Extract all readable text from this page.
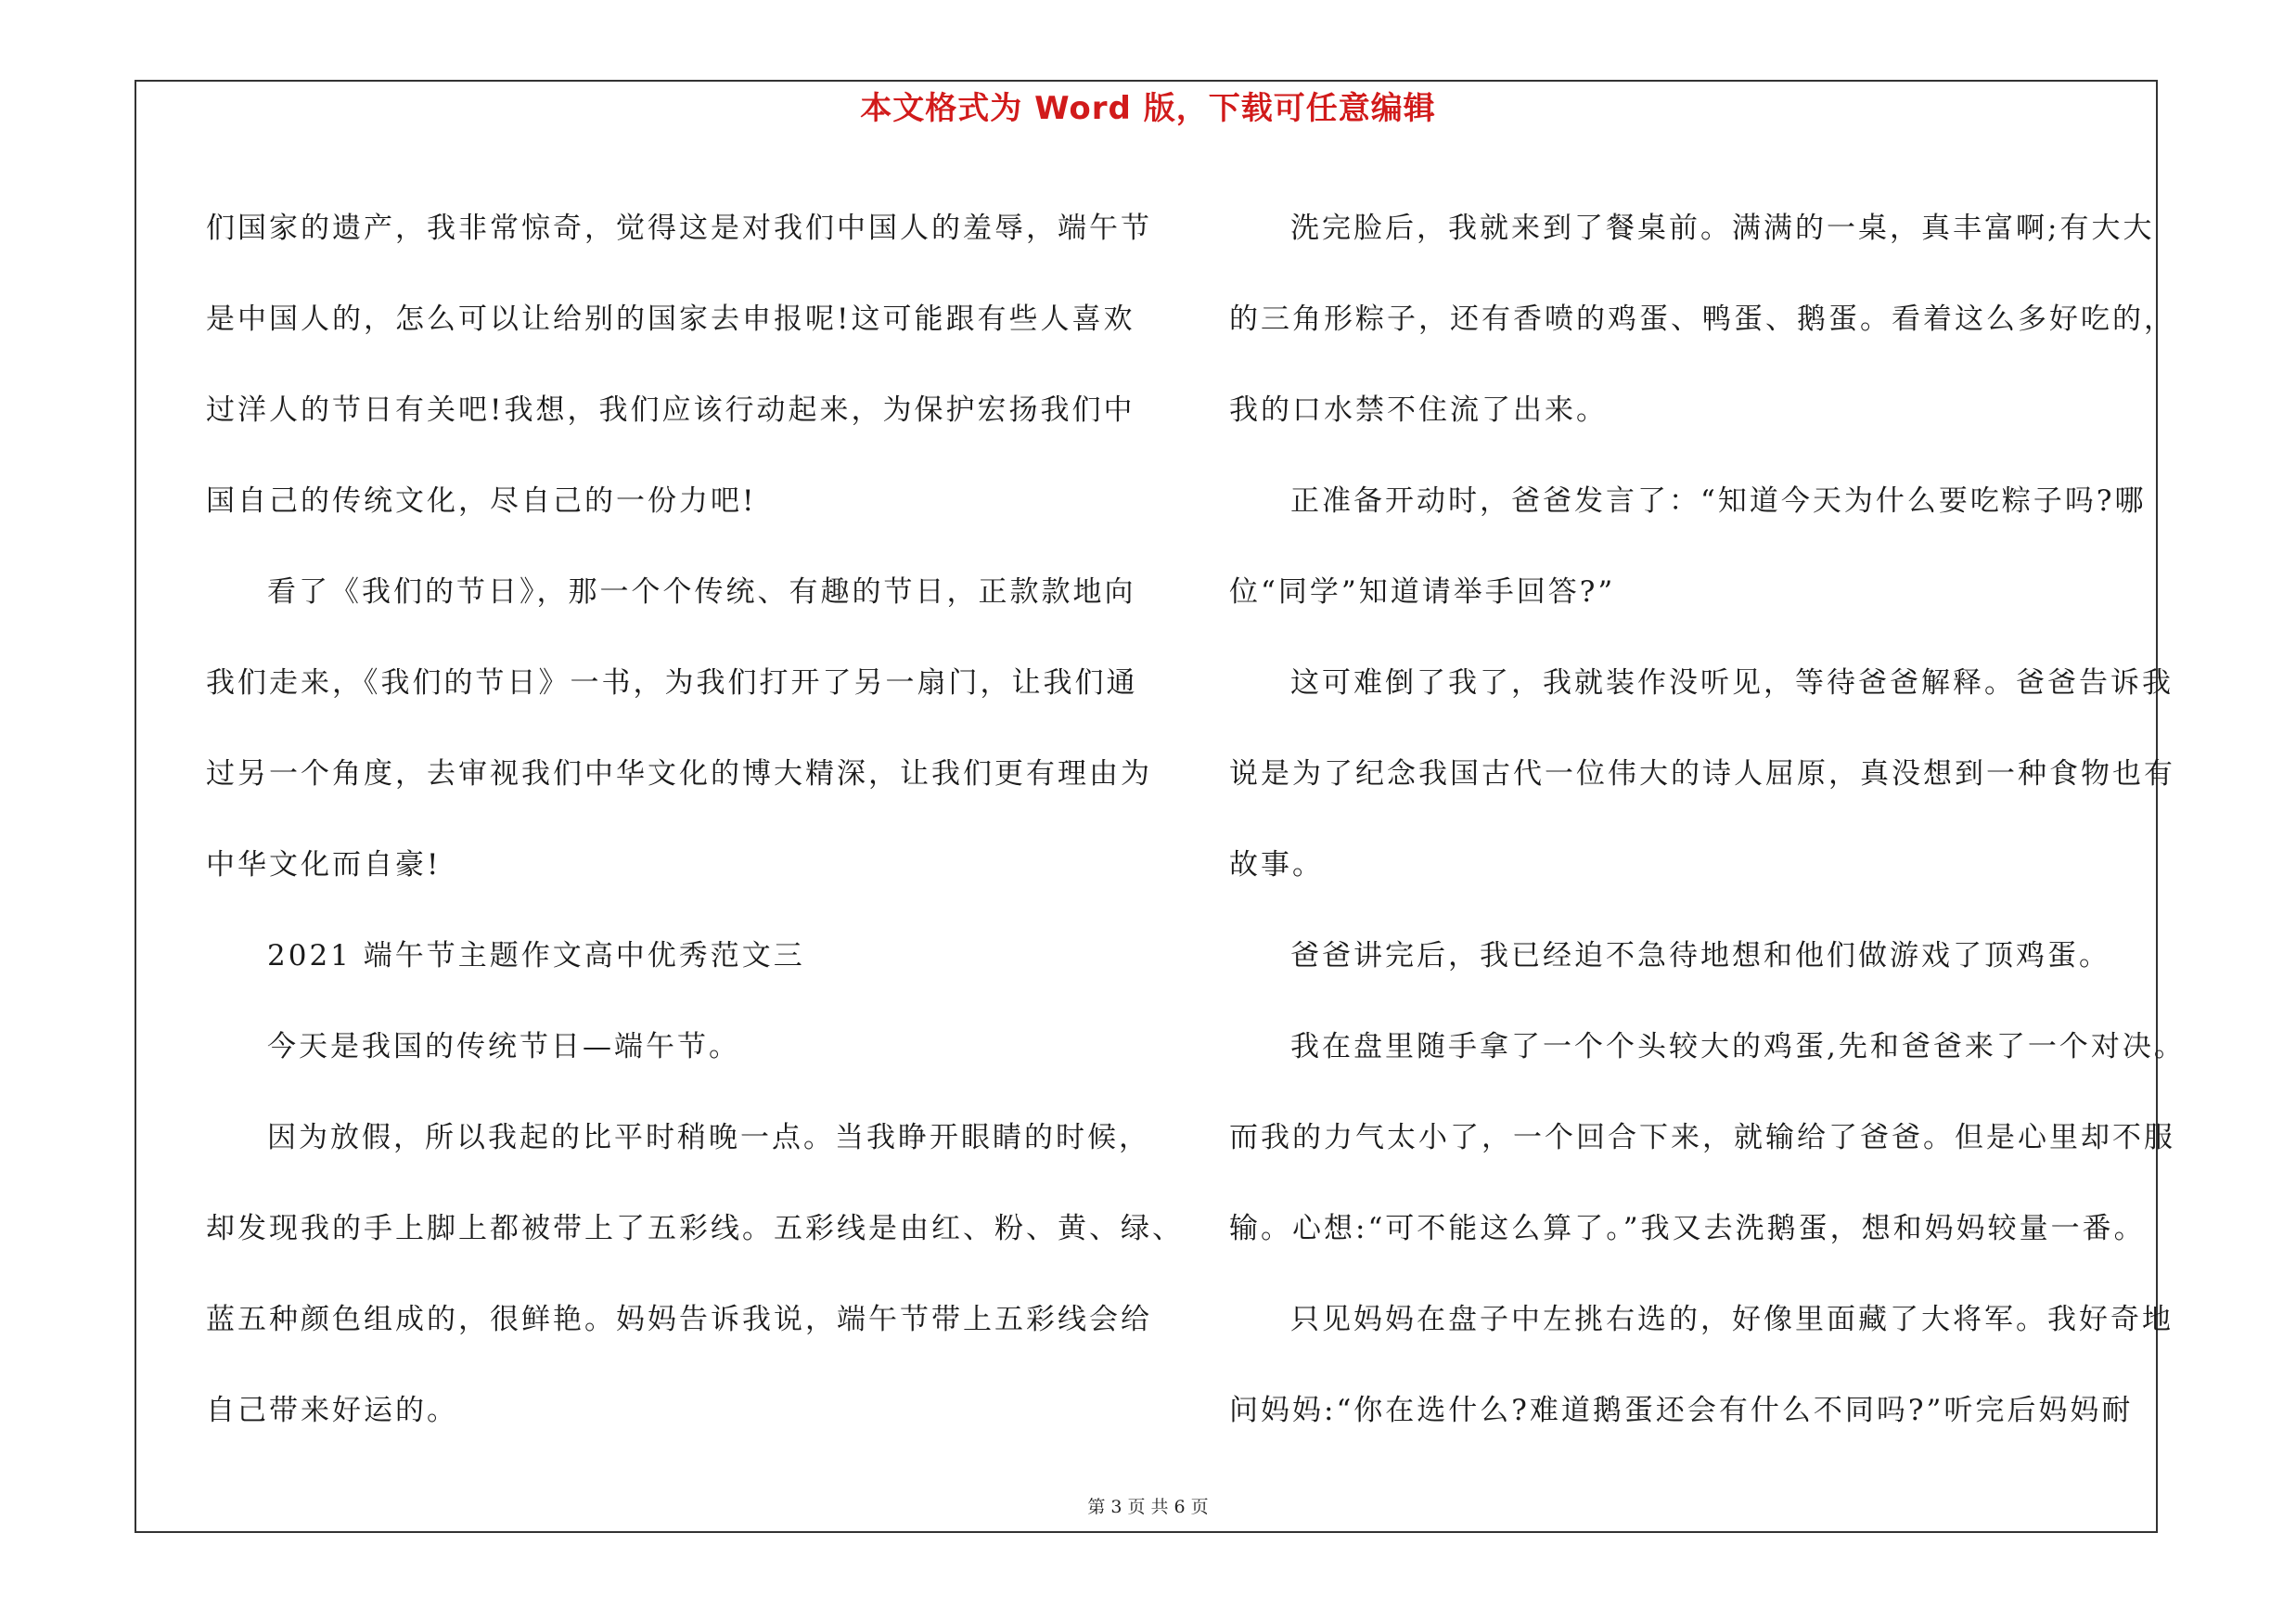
本文格式为 Word 版，下载可任意编辑
们国家的遗产，我非常惊奇，觉得这是对我们中国人的羞辱，端午节
是中国人的，怎么可以让给别的国家去申报呢!这可能跟有些人喜欢
过洋人的节日有关吧!我想，我们应该行动起来，为保护宏扬我们中
国自己的传统文化，尽自己的一份力吧!
看了《我们的节日》，那一个个传统、有趣的节日，正款款地向
我们走来，《我们的节日》一书，为我们打开了另一扇门，让我们通
过另一个角度，去审视我们中华文化的博大精深，让我们更有理由为
中华文化而自豪!
2021 端午节主题作文高中优秀范文三
今天是我国的传统节日—端午节。
因为放假，所以我起的比平时稍晚一点。当我睁开眼睛的时候，
却发现我的手上脚上都被带上了五彩线。五彩线是由红、粉、黄、绿、
蓝五种颜色组成的，很鲜艳。妈妈告诉我说，端午节带上五彩线会给
自己带来好运的。
洗完脸后，我就来到了餐桌前。满满的一桌，真丰富啊;有大大
的三角形粽子，还有香喷的鸡蛋、鸭蛋、鹅蛋。看着这么多好吃的，
我的口水禁不住流了出来。
正准备开动时，爸爸发言了：“知道今天为什么要吃粽子吗?哪
位“同学”知道请举手回答?”
这可难倒了我了，我就装作没听见，等待爸爸解释。爸爸告诉我
说是为了纪念我国古代一位伟大的诗人屈原，真没想到一种食物也有
故事。
爸爸讲完后，我已经迫不急待地想和他们做游戏了顶鸡蛋。
我在盘里随手拿了一个个头较大的鸡蛋,先和爸爸来了一个对决。
而我的力气太小了，一个回合下来，就输给了爸爸。但是心里却不服
输。心想:“可不能这么算了。”我又去洗鹅蛋，想和妈妈较量一番。
只见妈妈在盘子中左挑右选的，好像里面藏了大将军。我好奇地
问妈妈:“你在选什么?难道鹅蛋还会有什么不同吗?”听完后妈妈耐
第 3 页 共 6 页
